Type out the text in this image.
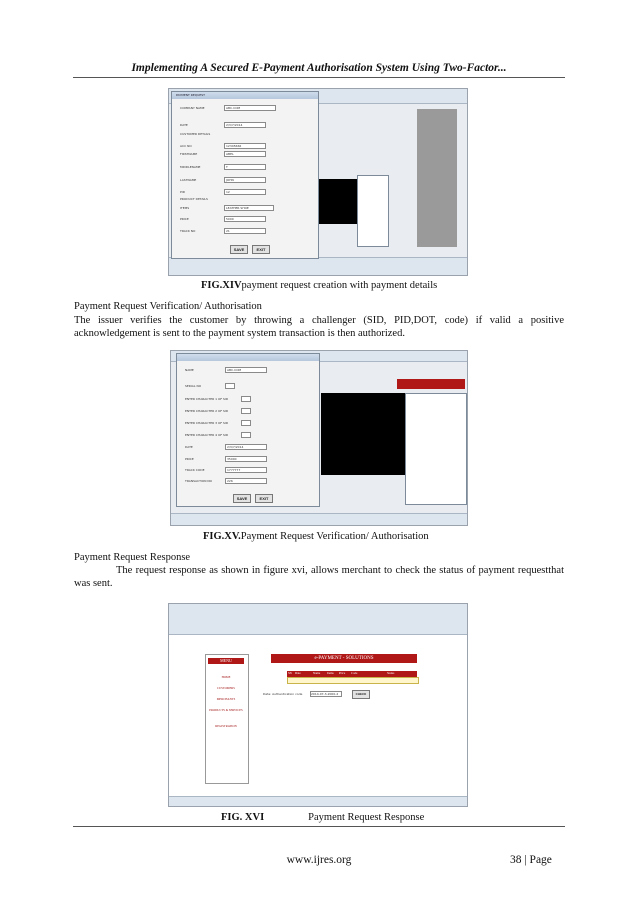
Implementing A Secured E-Payment Authorisation System Using Two-Factor...
PAYMENT REQUEST
COMPANY NAME	ABC.COM
DATE	2/3/7/2014
CUSTOMER DETAILS
ACC NO	12345666
FIRSTNAME	ABEL
MIDDLENAME	T
LASTNAME	JOHN
PID	12
PRODUCT DETAILS
ITEMS	LEATHER SHOE
PRICE	5000
TRACK NO	21
SAVE	EXIT
FIG.XIVpayment request creation with payment details
Payment Request Verification/ Authorisation
The issuer verifies the customer by throwing a challenger (SID, PID,DOT, code) if valid a positive acknowledgement is sent to the payment system transaction is then authorized.
NAME	ABC.COM
SERIAL NO
ENTER CHARACTER 1 OF SID
ENTER CHARACTER 2 OF SID
ENTER CHARACTER 3 OF SID
ENTER CHARACTER 4 OF SID
DATE	2/3/7/2014
PRICE	35000
TRACK CODE	1777777
TRANSACTION NO	226
SAVE	EXIT
FIG.XV.Payment Request Verification/ Authorisation
Payment Request Response
The request response as shown in figure xvi, allows merchant to check the status of payment requestthat was sent.
e-PAYMENT - SOLUTIONS
MENU
HOME
CUSTOMERS
MERCHANTS
PRODUCTS & SERVICES
REGISTRATION
Date: Authentication code	2014-07-3-2000-2	CHECK
SN Date	Name Items Price Code	Status
FIG. XVI	Payment Request Response
www.ijres.org	38 | Page
